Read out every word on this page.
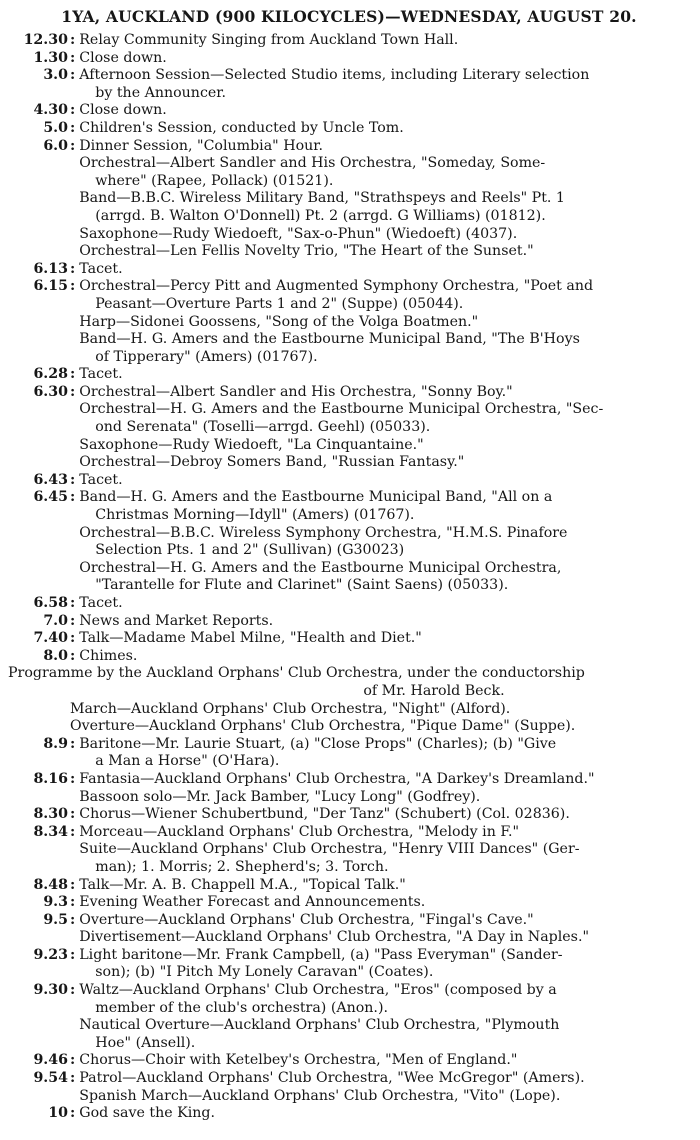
1YA, AUCKLAND (900 KILOCYCLES)—WEDNESDAY, AUGUST 20.
12.30 : Relay Community Singing from Auckland Town Hall.
1.30 : Close down.
3.0 : Afternoon Session—Selected Studio items, including Literary selection
by the Announcer.
4.30 : Close down.
5.0 : Children's Session, conducted by Uncle Tom.
6.0 : Dinner Session, "Columbia" Hour.
Orchestral—Albert Sandler and His Orchestra, "Someday, Some-
where" (Rapee, Pollack) (01521).
Band—B.B.C. Wireless Military Band, "Strathspeys and Reels" Pt. 1
(arrgd. B. Walton O'Donnell) Pt. 2 (arrgd. G Williams) (01812).
Saxophone—Rudy Wiedoeft, "Sax-o-Phun" (Wiedoeft) (4037).
Orchestral—Len Fellis Novelty Trio, "The Heart of the Sunset."
6.13 : Tacet.
6.15 : Orchestral—Percy Pitt and Augmented Symphony Orchestra, "Poet and
Peasant—Overture Parts 1 and 2" (Suppe) (05044).
Harp—Sidonei Goossens, "Song of the Volga Boatmen."
Band—H. G. Amers and the Eastbourne Municipal Band, "The B'Hoys
of Tipperary" (Amers) (01767).
6.28 : Tacet.
6.30 : Orchestral—Albert Sandler and His Orchestra, "Sonny Boy."
Orchestral—H. G. Amers and the Eastbourne Municipal Orchestra, "Sec-
ond Serenata" (Toselli—arrgd. Geehl) (05033).
Saxophone—Rudy Wiedoeft, "La Cinquantaine."
Orchestral—Debroy Somers Band, "Russian Fantasy."
6.43 : Tacet.
6.45 : Band—H. G. Amers and the Eastbourne Municipal Band, "All on a
Christmas Morning—Idyll" (Amers) (01767).
Orchestral—B.B.C. Wireless Symphony Orchestra, "H.M.S. Pinafore
Selection Pts. 1 and 2" (Sullivan) (G30023)
Orchestral—H. G. Amers and the Eastbourne Municipal Orchestra,
"Tarantelle for Flute and Clarinet" (Saint Saens) (05033).
6.58 : Tacet.
7.0 : News and Market Reports.
7.40 : Talk—Madame Mabel Milne, "Health and Diet."
8.0 : Chimes.
Programme by the Auckland Orphans' Club Orchestra, under the conductorship
of Mr. Harold Beck.
March—Auckland Orphans' Club Orchestra, "Night" (Alford).
Overture—Auckland Orphans' Club Orchestra, "Pique Dame" (Suppe).
8.9 : Baritone—Mr. Laurie Stuart, (a) "Close Props" (Charles); (b) "Give
a Man a Horse" (O'Hara).
8.16 : Fantasia—Auckland Orphans' Club Orchestra, "A Darkey's Dreamland."
Bassoon solo—Mr. Jack Bamber, "Lucy Long" (Godfrey).
8.30 : Chorus—Wiener Schubertbund, "Der Tanz" (Schubert) (Col. 02836).
8.34 : Morceau—Auckland Orphans' Club Orchestra, "Melody in F."
Suite—Auckland Orphans' Club Orchestra, "Henry VIII Dances" (Ger-
man); 1. Morris; 2. Shepherd's; 3. Torch.
8.48 : Talk—Mr. A. B. Chappell M.A., "Topical Talk."
9.3 : Evening Weather Forecast and Announcements.
9.5 : Overture—Auckland Orphans' Club Orchestra, "Fingal's Cave."
Divertisement—Auckland Orphans' Club Orchestra, "A Day in Naples."
9.23 : Light baritone—Mr. Frank Campbell, (a) "Pass Everyman" (Sander-
son); (b) "I Pitch My Lonely Caravan" (Coates).
9.30 : Waltz—Auckland Orphans' Club Orchestra, "Eros" (composed by a
member of the club's orchestra) (Anon.).
Nautical Overture—Auckland Orphans' Club Orchestra, "Plymouth
Hoe" (Ansell).
9.46 : Chorus—Choir with Ketelbey's Orchestra, "Men of England."
9.54 : Patrol—Auckland Orphans' Club Orchestra, "Wee McGregor" (Amers).
Spanish March—Auckland Orphans' Club Orchestra, "Vito" (Lope).
10 : God save the King.
